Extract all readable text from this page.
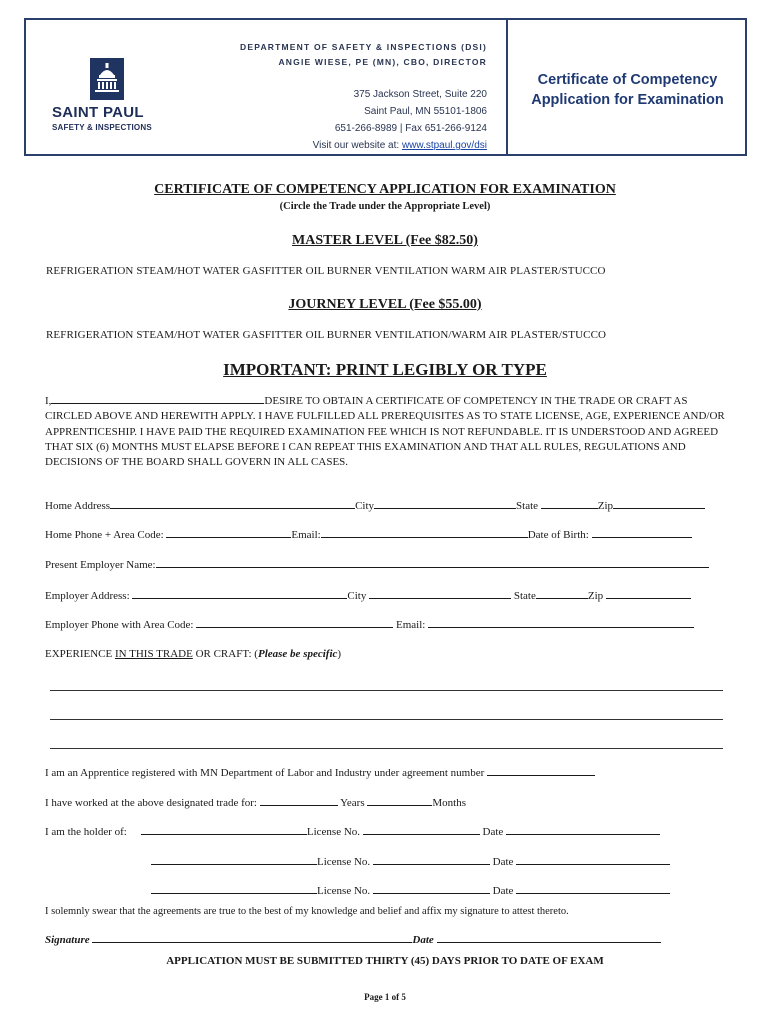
SAINT PAUL
SAFETY & INSPECTIONS
DEPARTMENT OF SAFETY & INSPECTIONS (DSI)
ANGIE WIESE, PE (MN), CBO, DIRECTOR
375 Jackson Street, Suite 220
Saint Paul, MN 55101-1806
651-266-8989 | Fax 651-266-9124
Visit our website at: www.stpaul.gov/dsi
Certificate of Competency
Application for Examination
CERTIFICATE OF COMPETENCY APPLICATION FOR EXAMINATION
(Circle the Trade under the Appropriate Level)
MASTER LEVEL (Fee $82.50)
REFRIGERATION STEAM/HOT WATER GASFITTER OIL BURNER VENTILATION WARM AIR PLASTER/STUCCO
JOURNEY LEVEL (Fee $55.00)
REFRIGERATION STEAM/HOT WATER GASFITTER OIL BURNER VENTILATION/WARM AIR PLASTER/STUCCO
IMPORTANT: PRINT LEGIBLY OR TYPE
I,	DESIRE TO OBTAIN A CERTIFICATE OF COMPETENCY IN THE TRADE OR CRAFT AS CIRCLED ABOVE AND HEREWITH APPLY. I HAVE FULFILLED ALL PREREQUISITES AS TO STATE LICENSE, AGE, EXPERIENCE AND/OR APPRENTICESHIP. I HAVE PAID THE REQUIRED EXAMINATION FEE WHICH IS NOT REFUNDABLE. IT IS UNDERSTOOD AND AGREED THAT SIX (6) MONTHS MUST ELAPSE BEFORE I CAN REPEAT THIS EXAMINATION AND THAT ALL RULES, REGULATIONS AND DECISIONS OF THE BOARD SHALL GOVERN IN ALL CASES.
Home Address	City	State	Zip
Home Phone + Area Code:	Email:	Date of Birth:
Present Employer Name:
Employer Address:	City	State	Zip
Employer Phone with Area Code:	Email:
EXPERIENCE IN THIS TRADE OR CRAFT: (Please be specific)
I am an Apprentice registered with MN Department of Labor and Industry under agreement number
I have worked at the above designated trade for:	Years	Months
I am the holder of:	License No.	Date
License No.	Date
License No.	Date
I solemnly swear that the agreements are true to the best of my knowledge and belief and affix my signature to attest thereto.
Signature	Date
APPLICATION MUST BE SUBMITTED THIRTY (45) DAYS PRIOR TO DATE OF EXAM
Page 1 of 5
